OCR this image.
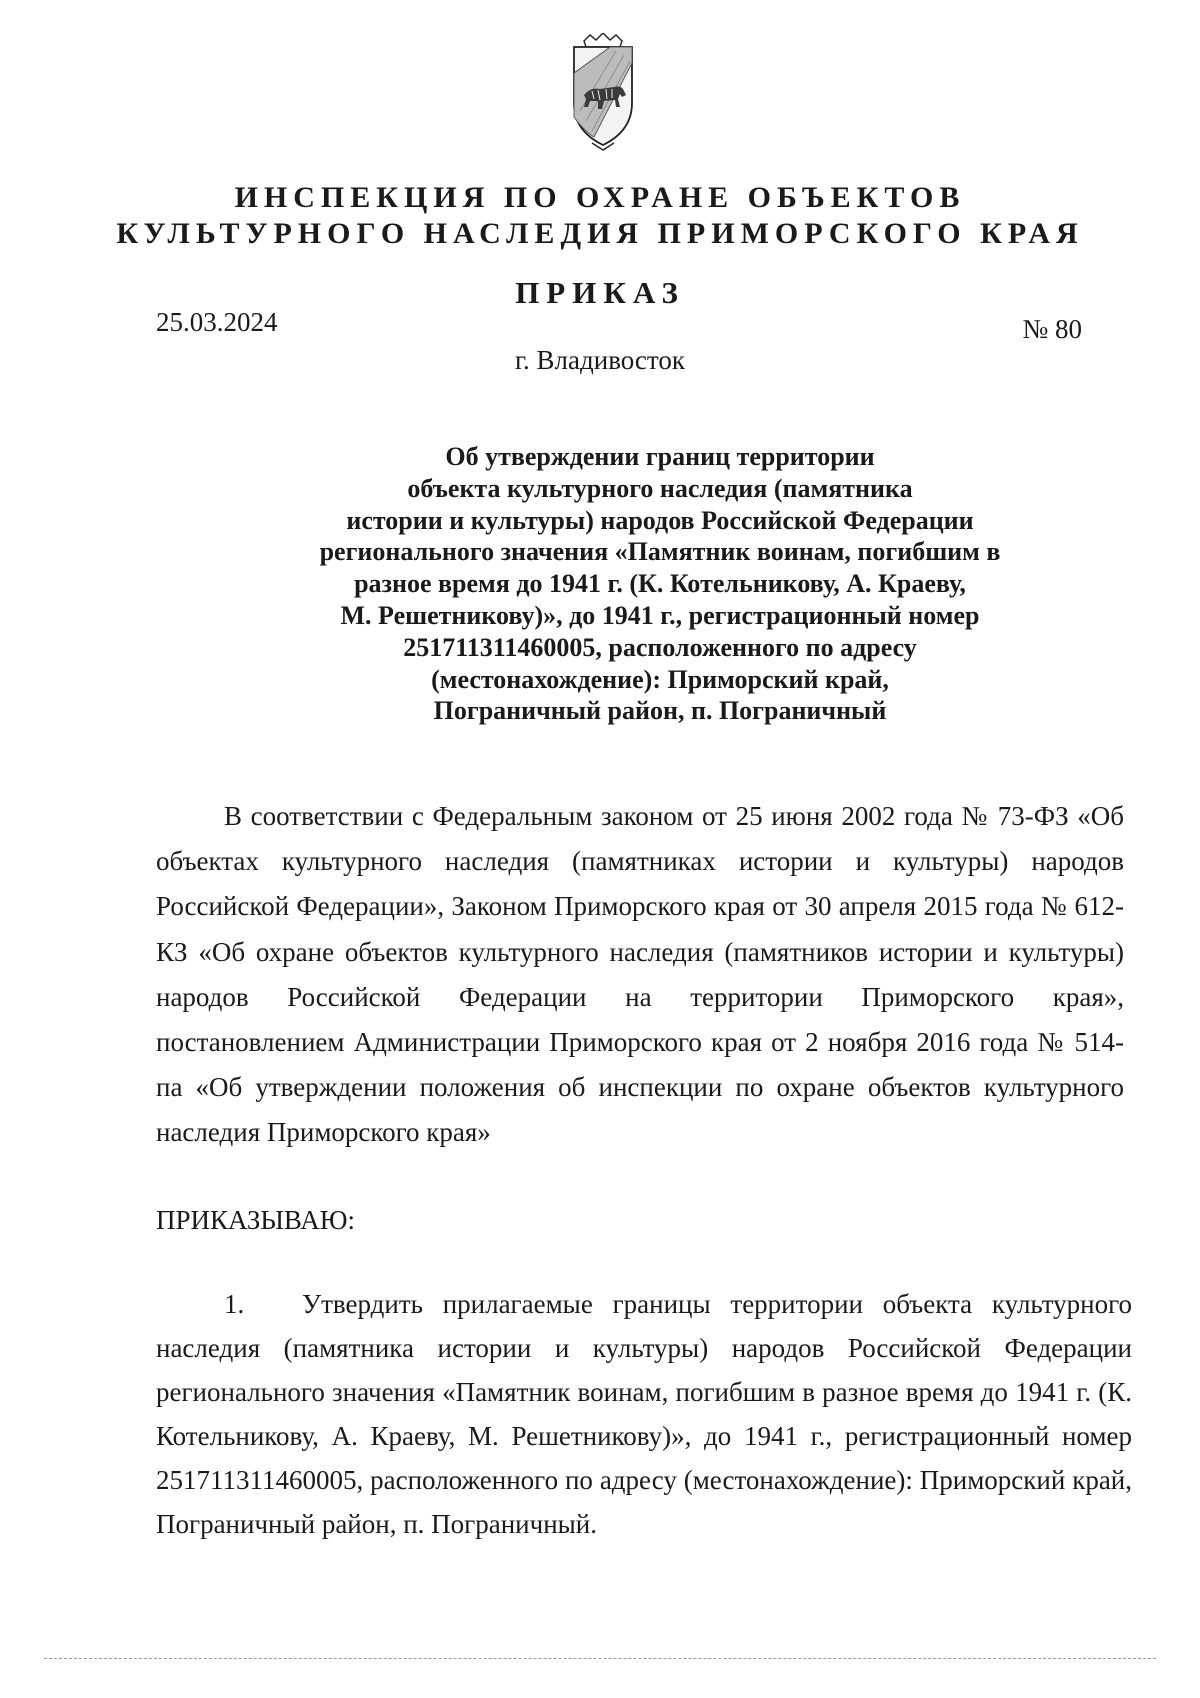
ИНСПЕКЦИЯ ПО ОХРАНЕ ОБЪЕКТОВ
КУЛЬТУРНОГО НАСЛЕДИЯ ПРИМОРСКОГО КРАЯ
ПРИКАЗ
25.03.2024	№ 80
г. Владивосток
Об утверждении границ территории
объекта культурного наследия (памятника
истории и культуры) народов Российской Федерации
регионального значения «Памятник воинам, погибшим в
разное время до 1941 г. (К. Котельникову, А. Краеву,
М. Решетникову)», до 1941 г., регистрационный номер
251711311460005, расположенного по адресу
(местонахождение): Приморский край,
Пограничный район, п. Пограничный

В соответствии с Федеральным законом от 25 июня 2002 года № 73-ФЗ «Об объектах культурного наследия (памятниках истории и культуры) народов Российской Федерации», Законом Приморского края от 30 апреля 2015 года № 612-КЗ «Об охране объектов культурного наследия (памятников истории и культуры) народов Российской Федерации на территории Приморского края», постановлением Администрации Приморского края от 2 ноября 2016 года № 514-па «Об утверждении положения об инспекции по охране объектов культурного наследия Приморского края»

ПРИКАЗЫВАЮ:

1. Утвердить прилагаемые границы территории объекта культурного наследия (памятника истории и культуры) народов Российской Федерации регионального значения «Памятник воинам, погибшим в разное время до 1941 г. (К. Котельникову, А. Краеву, М. Решетникову)», до 1941 г., регистрационный номер 251711311460005, расположенного по адресу (местонахождение): Приморский край, Пограничный район, п. Пограничный.
